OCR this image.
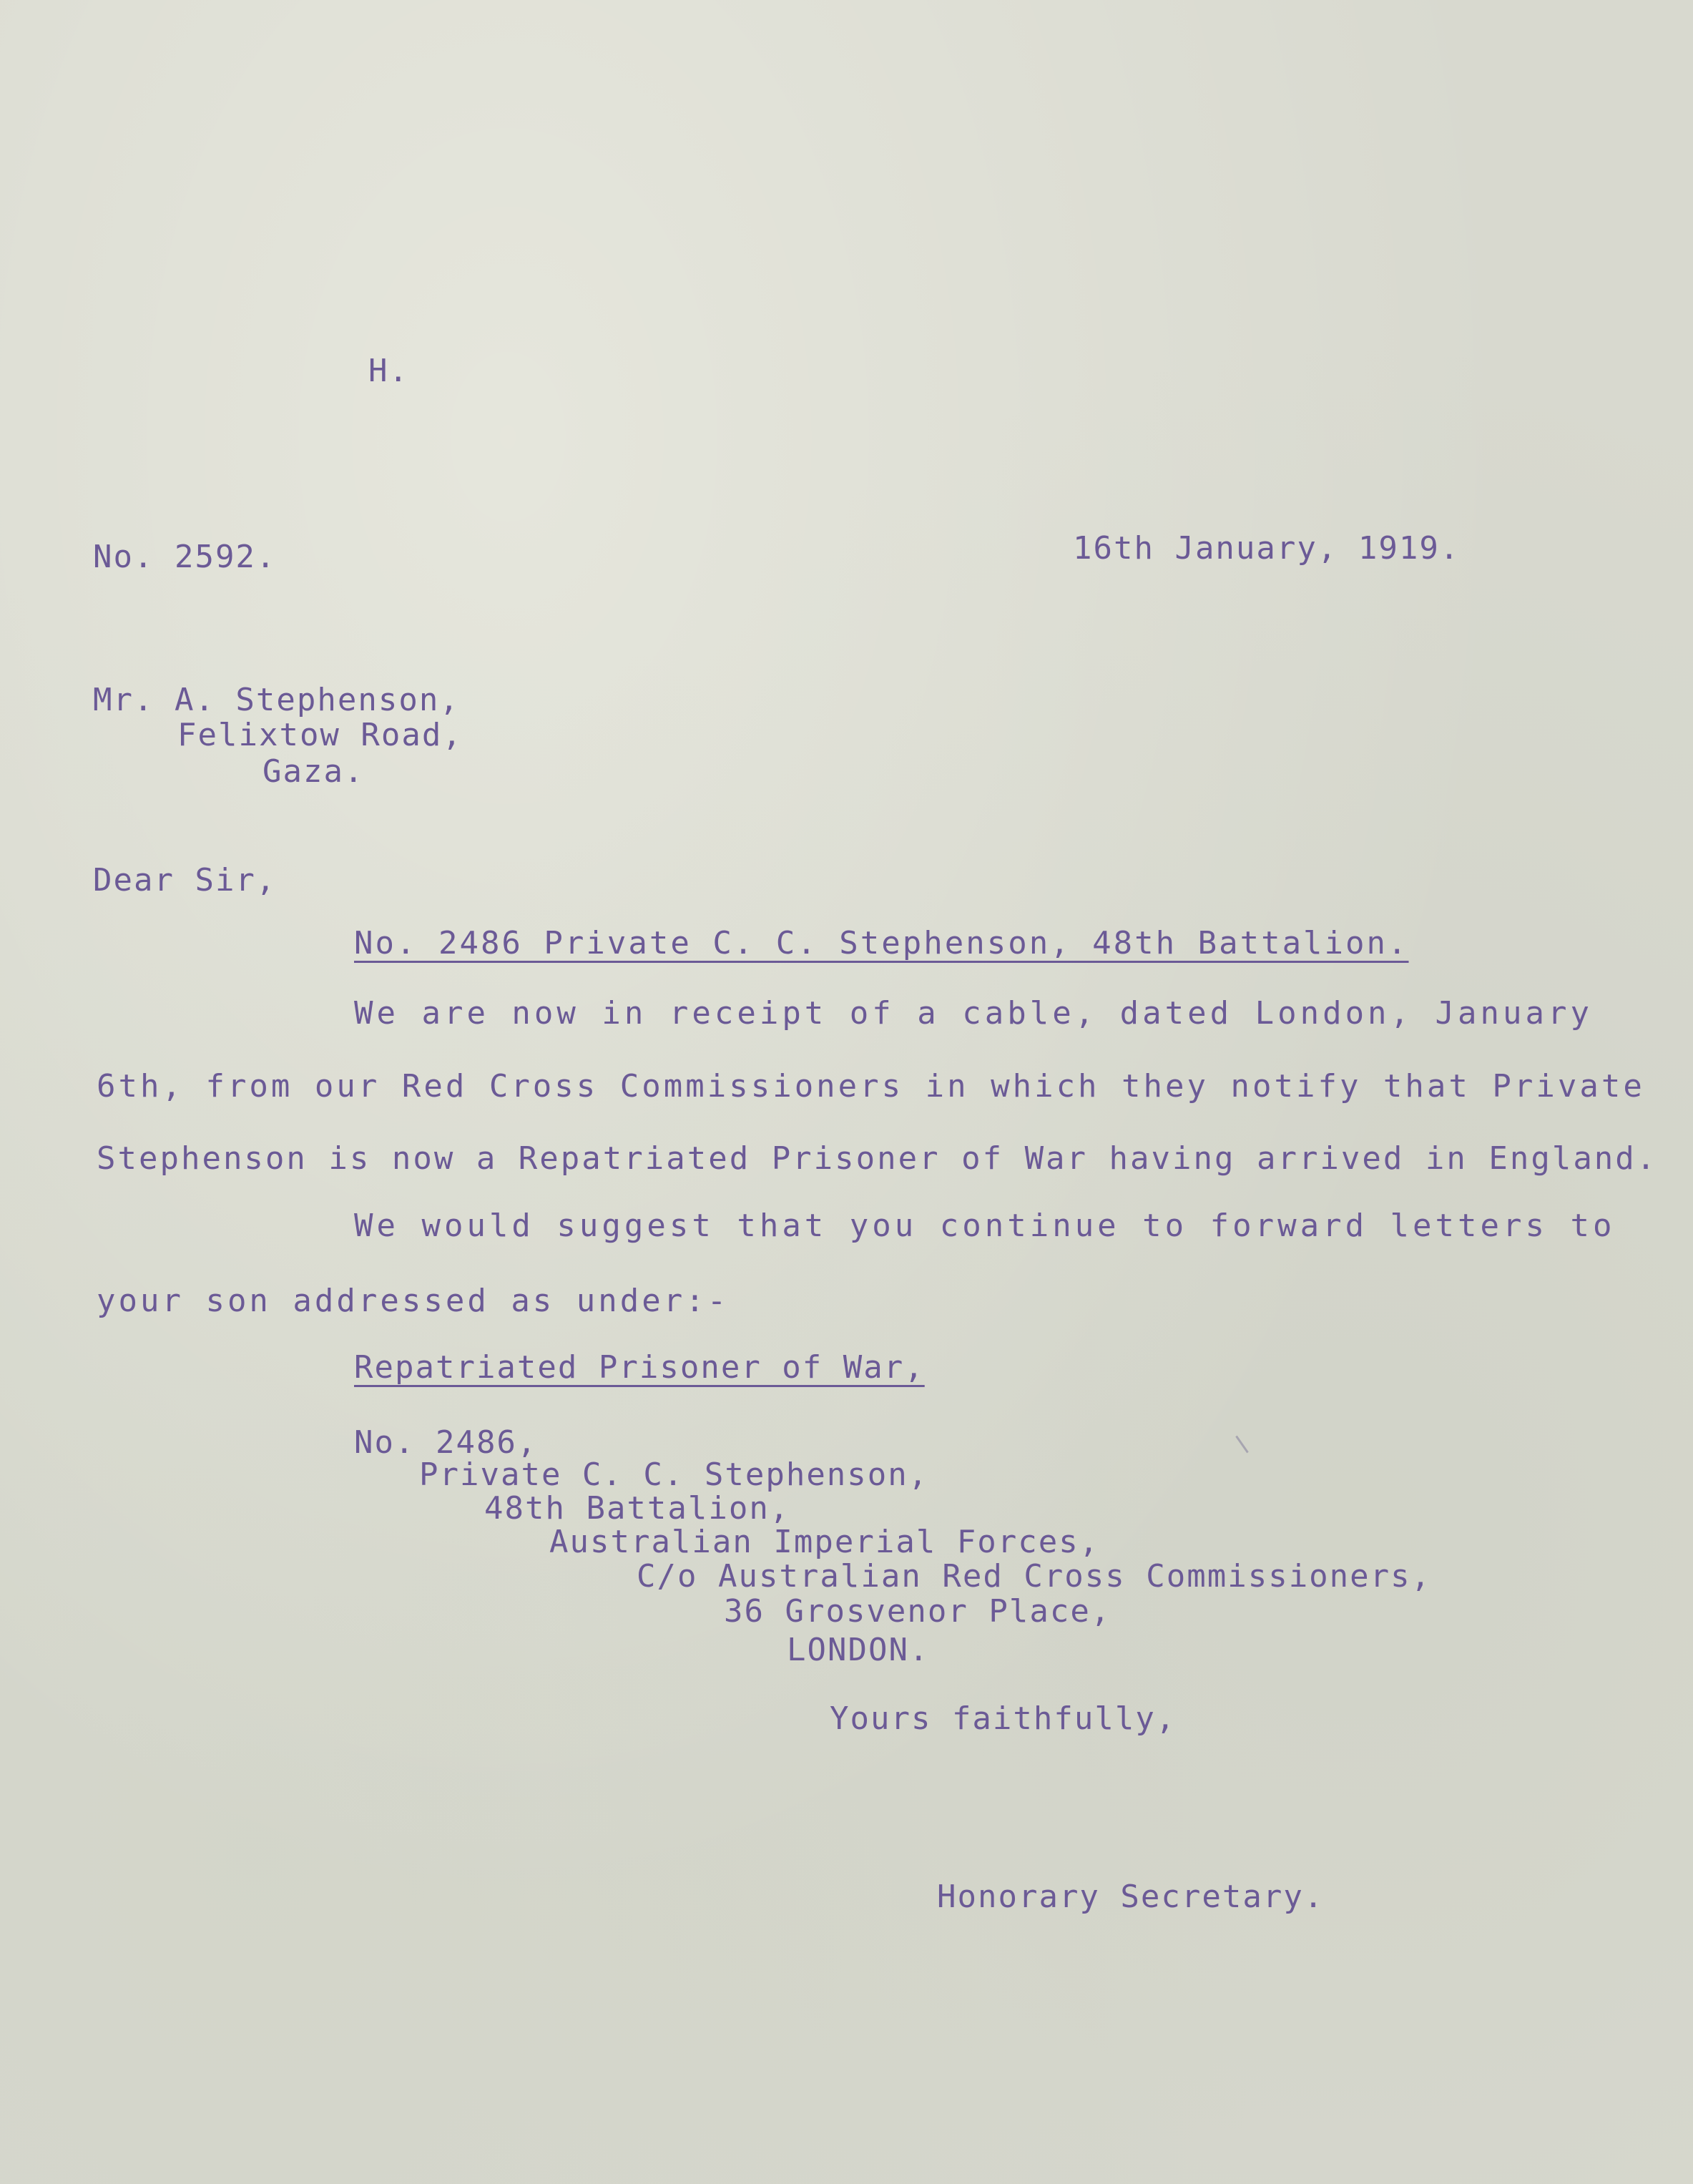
H.
No. 2592.	16th January, 1919.
Mr. A. Stephenson,
Felixtow Road,
Gaza.
Dear Sir,
No. 2486 Private C. C. Stephenson, 48th Battalion.
We are now in receipt of a cable, dated London, January
6th, from our Red Cross Commissioners in which they notify that Private
Stephenson is now a Repatriated Prisoner of War having arrived in England.
We would suggest that you continue to forward letters to
your son addressed as under:-
Repatriated Prisoner of War,
No. 2486,
Private C. C. Stephenson,
48th Battalion,
Australian Imperial Forces,
C/o Australian Red Cross Commissioners,
36 Grosvenor Place,
LONDON.
Yours faithfully,
Honorary Secretary.
